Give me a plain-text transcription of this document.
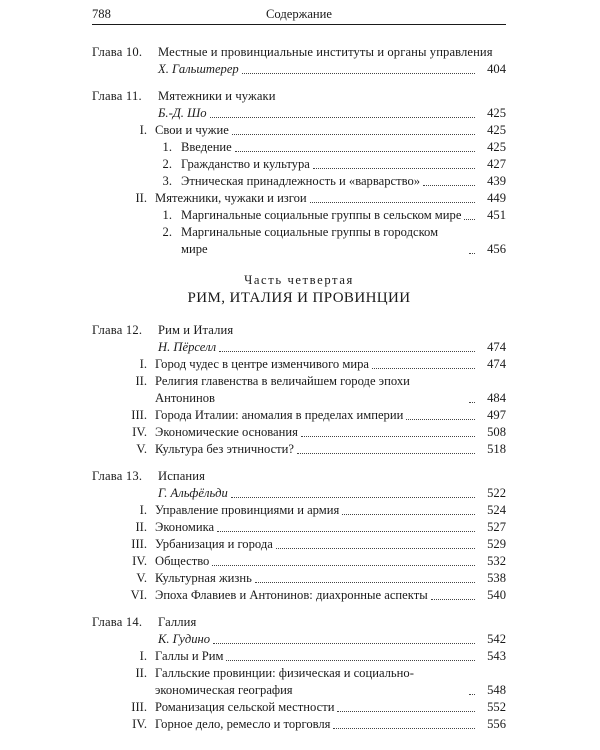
788	Содержание
Глава 10.	Местные и провинциальные институты и органы управления
Х. Гальштерер	404
Глава 11.	Мятежники и чужаки
Б.-Д. Шо	425
I. Свои и чужие	425
1. Введение	425
2. Гражданство и культура	427
3. Этническая принадлежность и «варварство»	439
II. Мятежники, чужаки и изгои	449
1. Маргинальные социальные группы в сельском мире	451
2. Маргинальные социальные группы в городском мире	456
Часть четвертая
РИМ, ИТАЛИЯ И ПРОВИНЦИИ
Глава 12.	Рим и Италия
Н. Пёрселл	474
I. Город чудес в центре изменчивого мира	474
II. Религия главенства в величайшем городе эпохи Антонинов	484
III. Города Италии: аномалия в пределах империи	497
IV. Экономические основания	508
V. Культура без этничности?	518
Глава 13.	Испания
Г. Альфёльди	522
I. Управление провинциями и армия	524
II. Экономика	527
III. Урбанизация и города	529
IV. Общество	532
V. Культурная жизнь	538
VI. Эпоха Флавиев и Антонинов: диахронные аспекты	540
Глава 14.	Галлия
К. Гудино	542
I. Галлы и Рим	543
II. Галльские провинции: физическая и социально-экономическая география	548
III. Романизация сельской местности	552
IV. Горное дело, ремесло и торговля	556
